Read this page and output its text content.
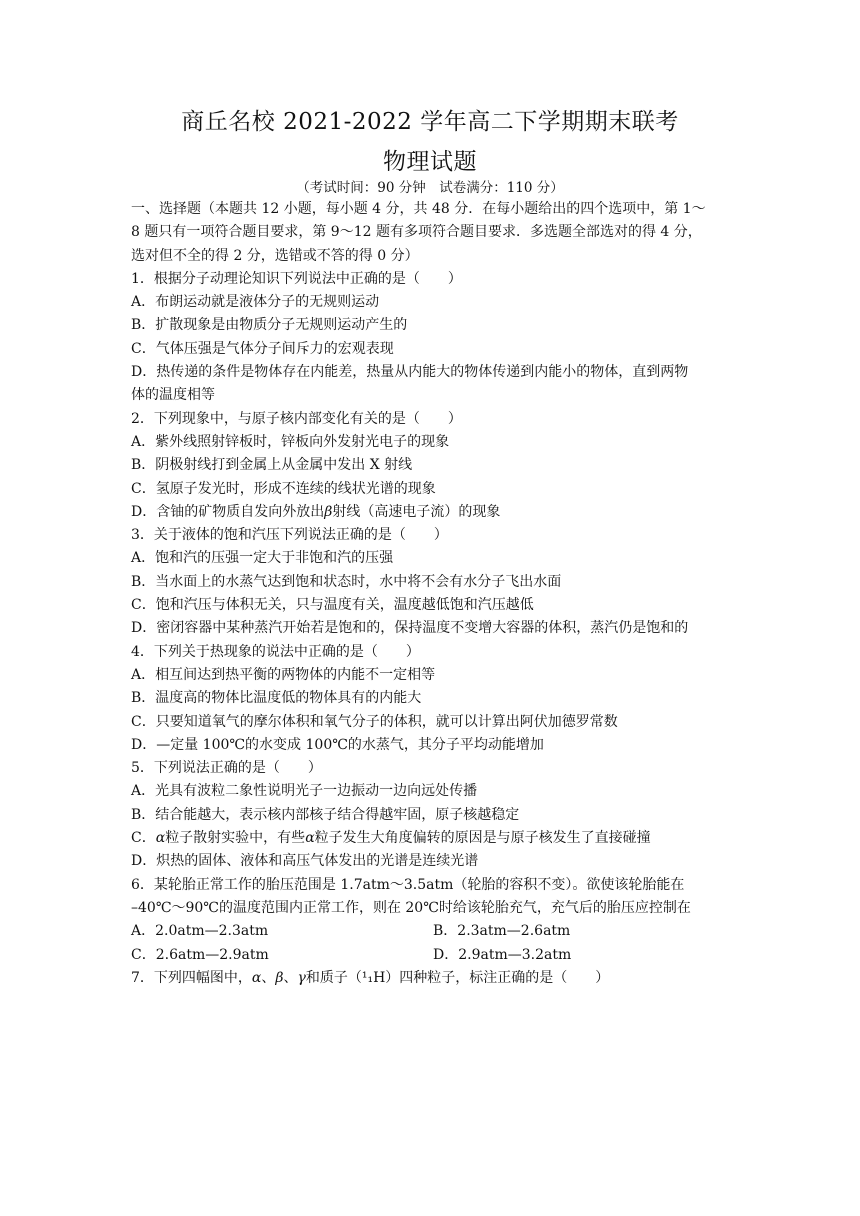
商丘名校 2021-2022 学年高二下学期期末联考
物理试题
（考试时间：90 分钟　试卷满分：110 分）
一、选择题（本题共 12 小题，每小题 4 分，共 48 分．在每小题给出的四个选项中，第 1～
8 题只有一项符合题目要求，第 9～12 题有多项符合题目要求．多选题全部选对的得 4 分，
选对但不全的得 2 分，选错或不答的得 0 分）
1．根据分子动理论知识下列说法中正确的是（　　）
A．布朗运动就是液体分子的无规则运动
B．扩散现象是由物质分子无规则运动产生的
C．气体压强是气体分子间斥力的宏观表现
D．热传递的条件是物体存在内能差，热量从内能大的物体传递到内能小的物体，直到两物
体的温度相等
2．下列现象中，与原子核内部变化有关的是（　　）
A．紫外线照射锌板时，锌板向外发射光电子的现象
B．阴极射线打到金属上从金属中发出 X 射线
C．氢原子发光时，形成不连续的线状光谱的现象
D．含铀的矿物质自发向外放出β射线（高速电子流）的现象
3．关于液体的饱和汽压下列说法正确的是（　　）
A．饱和汽的压强一定大于非饱和汽的压强
B．当水面上的水蒸气达到饱和状态时，水中将不会有水分子飞出水面
C．饱和汽压与体积无关，只与温度有关，温度越低饱和汽压越低
D．密闭容器中某种蒸汽开始若是饱和的，保持温度不变增大容器的体积，蒸汽仍是饱和的
4．下列关于热现象的说法中正确的是（　　）
A．相互间达到热平衡的两物体的内能不一定相等
B．温度高的物体比温度低的物体具有的内能大
C．只要知道氧气的摩尔体积和氧气分子的体积，就可以计算出阿伏加德罗常数
D．—定量 100℃的水变成 100℃的水蒸气，其分子平均动能增加
5．下列说法正确的是（　　）
A．光具有波粒二象性说明光子一边振动一边向远处传播
B．结合能越大，表示核内部核子结合得越牢固，原子核越稳定
C．α粒子散射实验中，有些α粒子发生大角度偏转的原因是与原子核发生了直接碰撞
D．炽热的固体、液体和高压气体发出的光谱是连续光谱
6．某轮胎正常工作的胎压范围是 1.7atm～3.5atm（轮胎的容积不变）。欲使该轮胎能在
–40℃～90℃的温度范围内正常工作，则在 20℃时给该轮胎充气，充气后的胎压应控制在
A．2.0atm—2.3atm	B．2.3atm—2.6atm
C．2.6atm—2.9atm	D．2.9atm—3.2atm
7．下列四幅图中，α、β、γ和质子（¹₁H）四种粒子，标注正确的是（　　）
